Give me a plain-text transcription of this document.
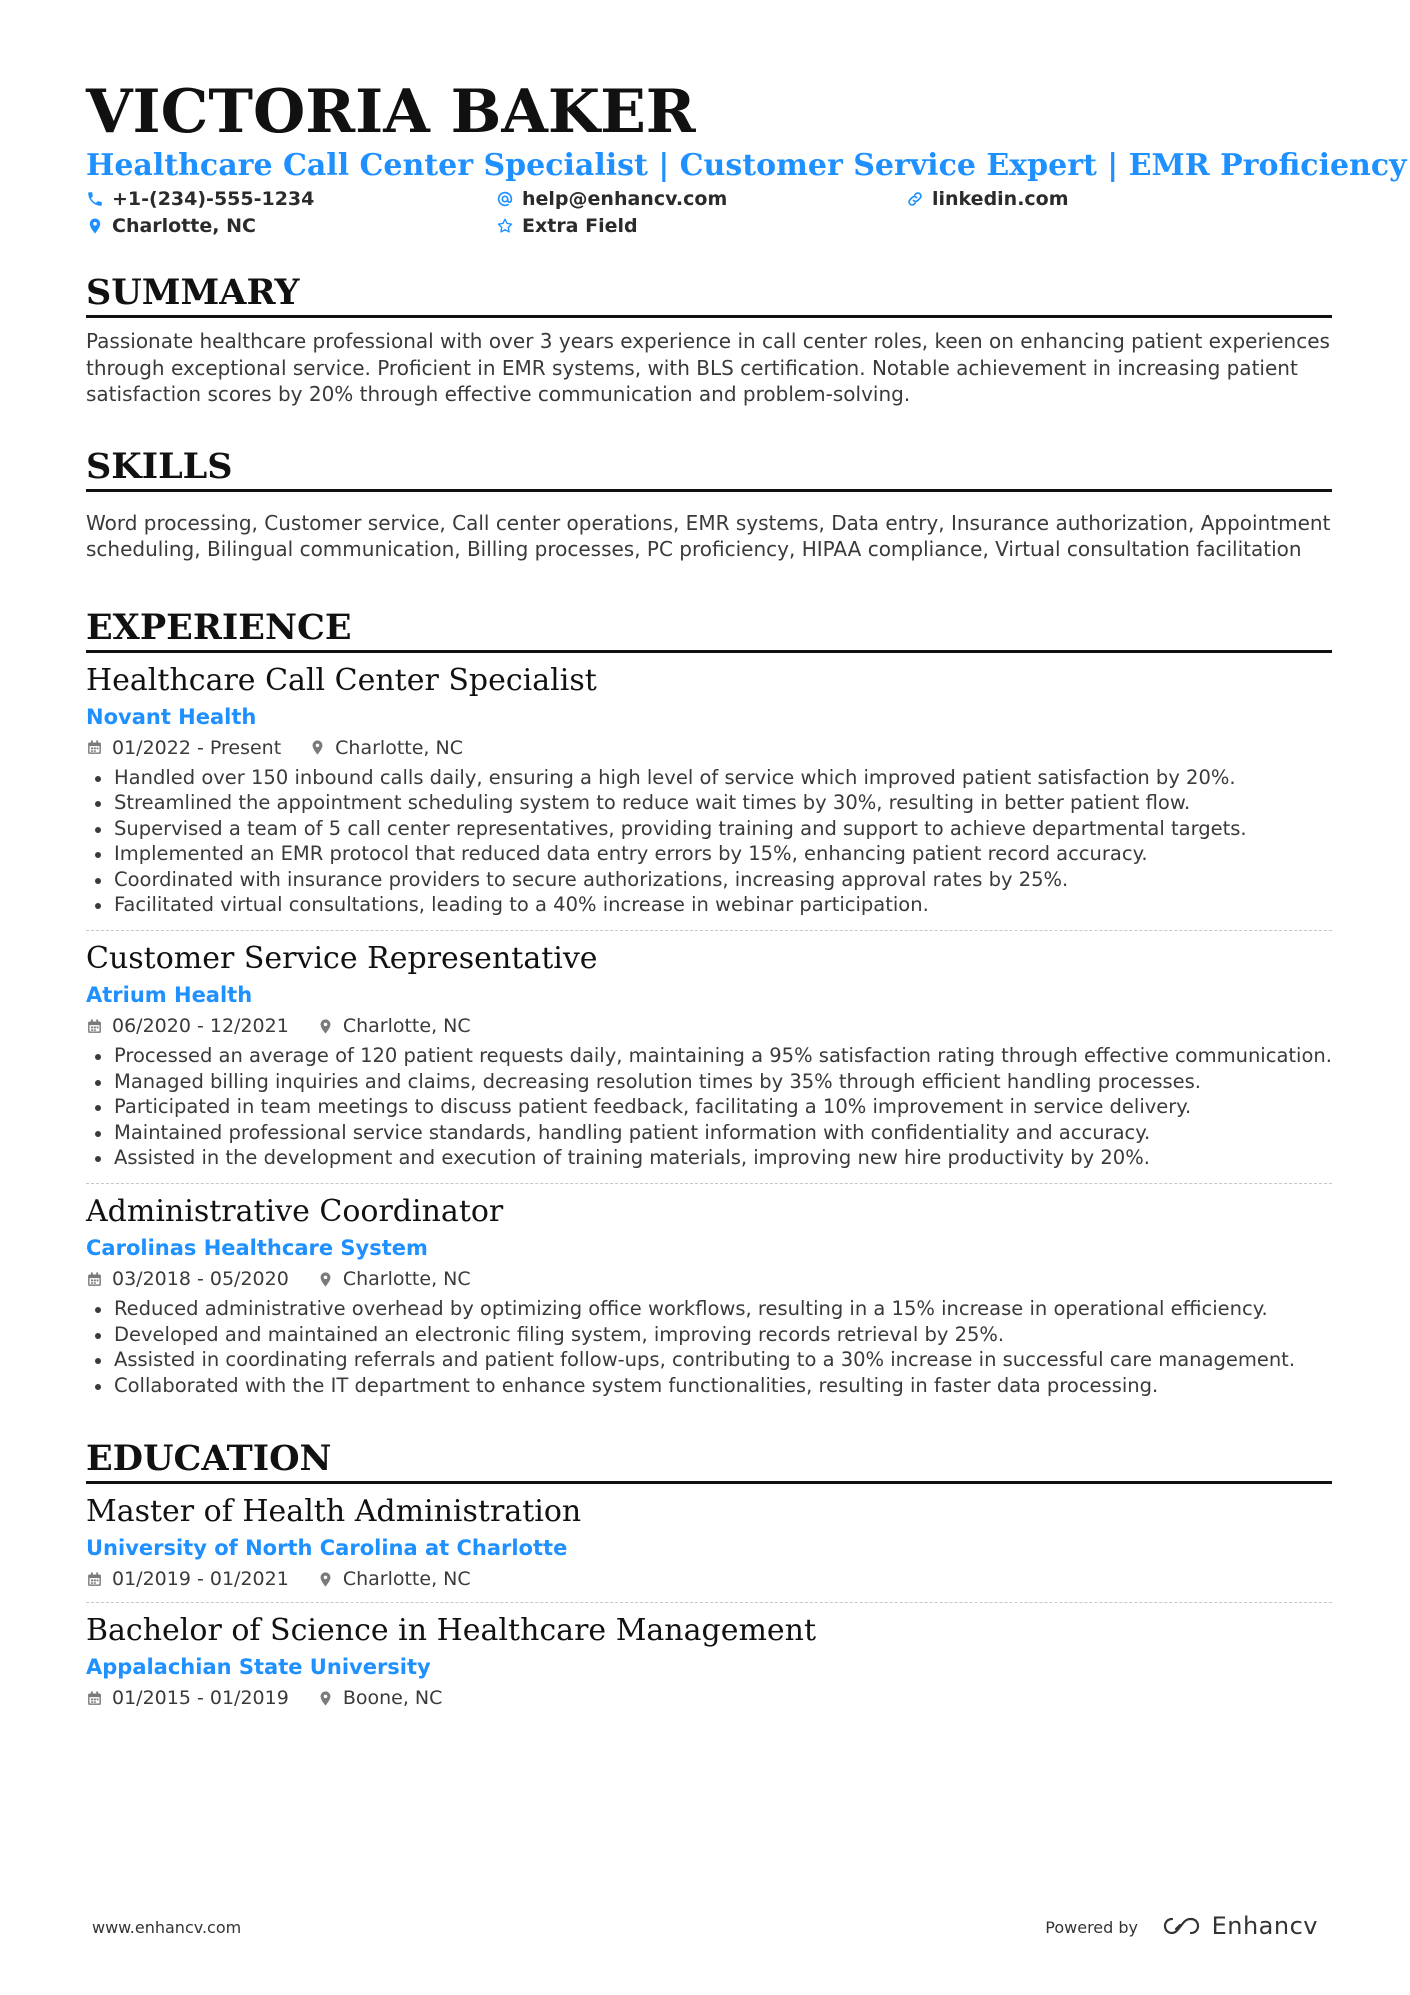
VICTORIA BAKER
Healthcare Call Center Specialist | Customer Service Expert | EMR Proficiency
+1-(234)-555-1234	help@enhancv.com	linkedin.com
Charlotte, NC	Extra Field
SUMMARY
Passionate healthcare professional with over 3 years experience in call center roles, keen on enhancing patient experiences through exceptional service. Proficient in EMR systems, with BLS certification. Notable achievement in increasing patient satisfaction scores by 20% through effective communication and problem-solving.
SKILLS
Word processing, Customer service, Call center operations, EMR systems, Data entry, Insurance authorization, Appointment scheduling, Bilingual communication, Billing processes, PC proficiency, HIPAA compliance, Virtual consultation facilitation
EXPERIENCE
Healthcare Call Center Specialist
Novant Health
01/2022 - Present	Charlotte, NC
Handled over 150 inbound calls daily, ensuring a high level of service which improved patient satisfaction by 20%.
Streamlined the appointment scheduling system to reduce wait times by 30%, resulting in better patient flow.
Supervised a team of 5 call center representatives, providing training and support to achieve departmental targets.
Implemented an EMR protocol that reduced data entry errors by 15%, enhancing patient record accuracy.
Coordinated with insurance providers to secure authorizations, increasing approval rates by 25%.
Facilitated virtual consultations, leading to a 40% increase in webinar participation.
Customer Service Representative
Atrium Health
06/2020 - 12/2021	Charlotte, NC
Processed an average of 120 patient requests daily, maintaining a 95% satisfaction rating through effective communication.
Managed billing inquiries and claims, decreasing resolution times by 35% through efficient handling processes.
Participated in team meetings to discuss patient feedback, facilitating a 10% improvement in service delivery.
Maintained professional service standards, handling patient information with confidentiality and accuracy.
Assisted in the development and execution of training materials, improving new hire productivity by 20%.
Administrative Coordinator
Carolinas Healthcare System
03/2018 - 05/2020	Charlotte, NC
Reduced administrative overhead by optimizing office workflows, resulting in a 15% increase in operational efficiency.
Developed and maintained an electronic filing system, improving records retrieval by 25%.
Assisted in coordinating referrals and patient follow-ups, contributing to a 30% increase in successful care management.
Collaborated with the IT department to enhance system functionalities, resulting in faster data processing.
EDUCATION
Master of Health Administration
University of North Carolina at Charlotte
01/2019 - 01/2021	Charlotte, NC
Bachelor of Science in Healthcare Management
Appalachian State University
01/2015 - 01/2019	Boone, NC
www.enhancv.com	Powered by	Enhancv
